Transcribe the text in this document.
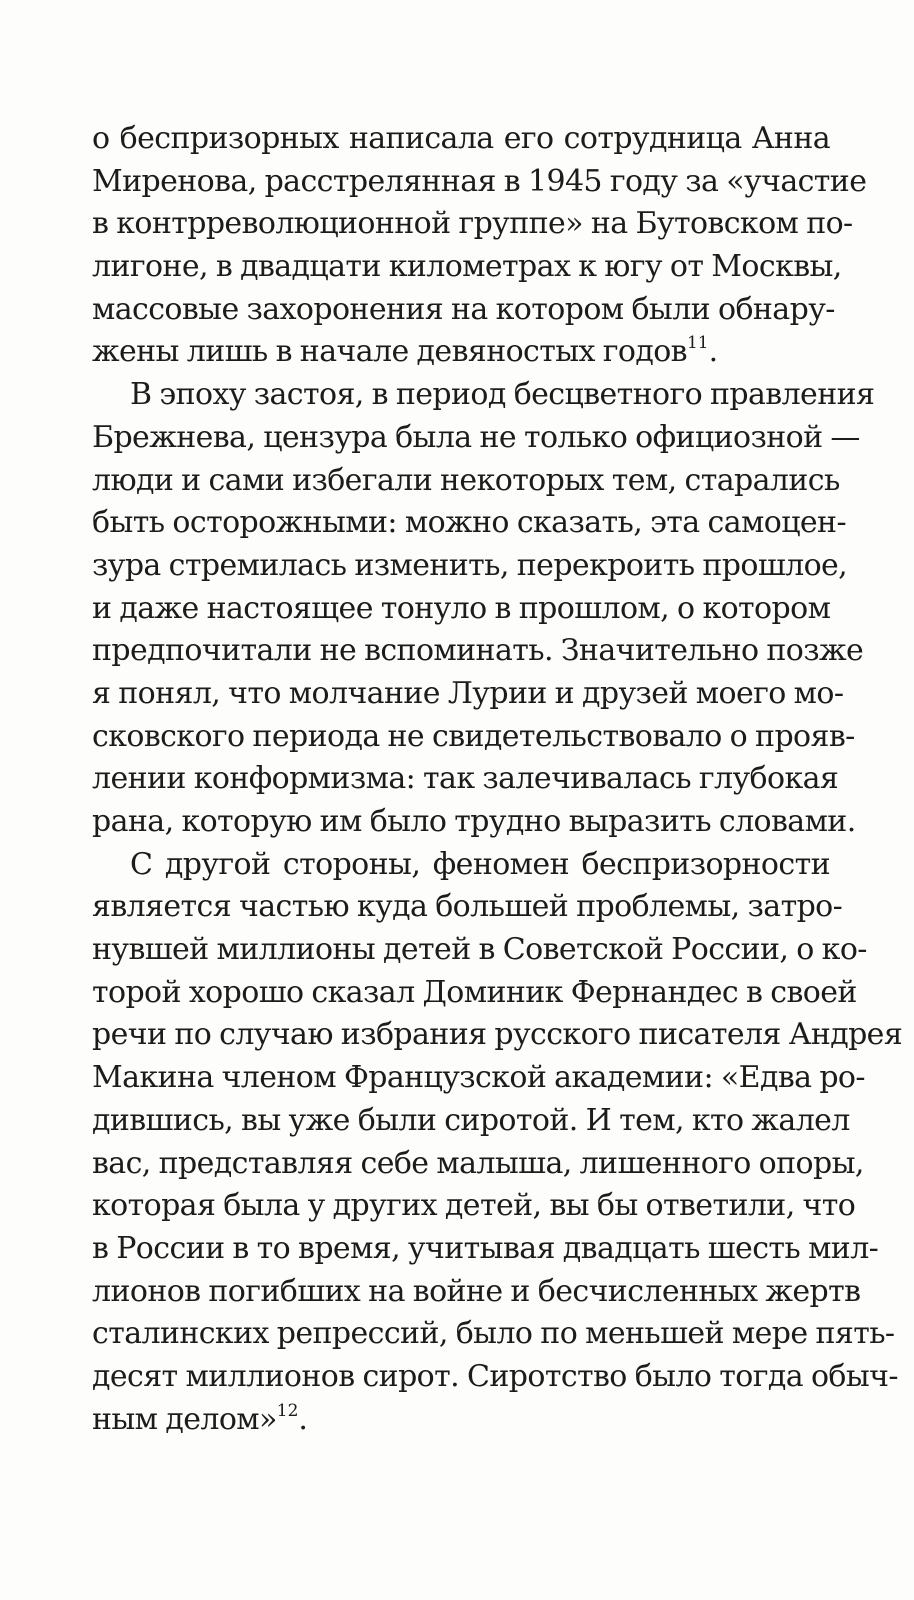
о беспризорных написала его сотрудница Анна
Миренова, расстрелянная в 1945 году за «участие
в контрреволюционной группе» на Бутовском по-
лигоне, в двадцати километрах к югу от Москвы,
массовые захоронения на котором были обнару-
жены лишь в начале девяностых годов$^{11}$.
В эпоху застоя, в период бесцветного правления
Брежнева, цензура была не только официозной —
люди и сами избегали некоторых тем, старались
быть осторожными: можно сказать, эта самоцен-
зура стремилась изменить, перекроить прошлое,
и даже настоящее тонуло в прошлом, о котором
предпочитали не вспоминать. Значительно позже
я понял, что молчание Лурии и друзей моего мо-
сковского периода не свидетельствовало о прояв-
лении конформизма: так залечивалась глубокая
рана, которую им было трудно выразить словами.
С другой стороны, феномен беспризорности
является частью куда большей проблемы, затро-
нувшей миллионы детей в Советской России, о ко-
торой хорошо сказал Доминик Фернандес в своей
речи по случаю избрания русского писателя Андрея
Макина членом Французской академии: «Едва ро-
дившись, вы уже были сиротой. И тем, кто жалел
вас, представляя себе малыша, лишенного опоры,
которая была у других детей, вы бы ответили, что
в России в то время, учитывая двадцать шесть мил-
лионов погибших на войне и бесчисленных жертв
сталинских репрессий, было по меньшей мере пять-
десят миллионов сирот. Сиротство было тогда обыч-
ным делом»$^{12}$.
